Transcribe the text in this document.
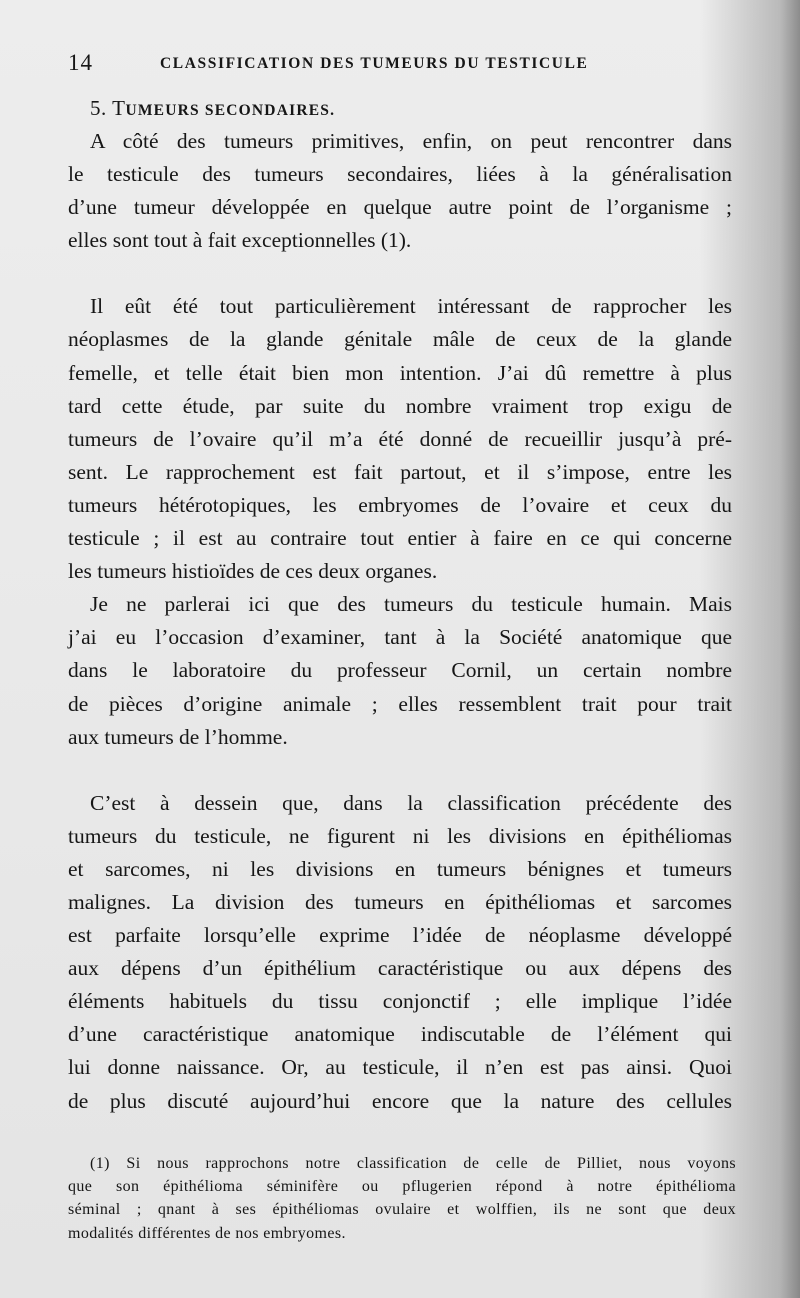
14	CLASSIFICATION DES TUMEURS DU TESTICULE
5. TUMEURS SECONDAIRES.
A côté des tumeurs primitives, enfin, on peut rencontrer dans
le testicule des tumeurs secondaires, liées à la généralisation
d’une tumeur développée en quelque autre point de l’organisme ;
elles sont tout à fait exceptionnelles (1).
Il eût été tout particulièrement intéressant de rapprocher les
néoplasmes de la glande génitale mâle de ceux de la glande
femelle, et telle était bien mon intention. J’ai dû remettre à plus
tard cette étude, par suite du nombre vraiment trop exigu de
tumeurs de l’ovaire qu’il m’a été donné de recueillir jusqu’à pré-
sent. Le rapprochement est fait partout, et il s’impose, entre les
tumeurs hétérotopiques, les embryomes de l’ovaire et ceux du
testicule ; il est au contraire tout entier à faire en ce qui concerne
les tumeurs histioïdes de ces deux organes.
Je ne parlerai ici que des tumeurs du testicule humain. Mais
j’ai eu l’occasion d’examiner, tant à la Société anatomique que
dans le laboratoire du professeur Cornil, un certain nombre
de pièces d’origine animale ; elles ressemblent trait pour trait
aux tumeurs de l’homme.
C’est à dessein que, dans la classification précédente des
tumeurs du testicule, ne figurent ni les divisions en épithéliomas
et sarcomes, ni les divisions en tumeurs bénignes et tumeurs
malignes. La division des tumeurs en épithéliomas et sarcomes
est parfaite lorsqu’elle exprime l’idée de néoplasme développé
aux dépens d’un épithélium caractéristique ou aux dépens des
éléments habituels du tissu conjonctif ; elle implique l’idée
d’une caractéristique anatomique indiscutable de l’élément qui
lui donne naissance. Or, au testicule, il n’en est pas ainsi. Quoi
de plus discuté aujourd’hui encore que la nature des cellules
(1) Si nous rapprochons notre classification de celle de Pilliet, nous voyons
que son épithélioma séminifère ou pflugerien répond à notre épithélioma
séminal ; qnant à ses épithéliomas ovulaire et wolffien, ils ne sont que deux
modalités différentes de nos embryomes.
